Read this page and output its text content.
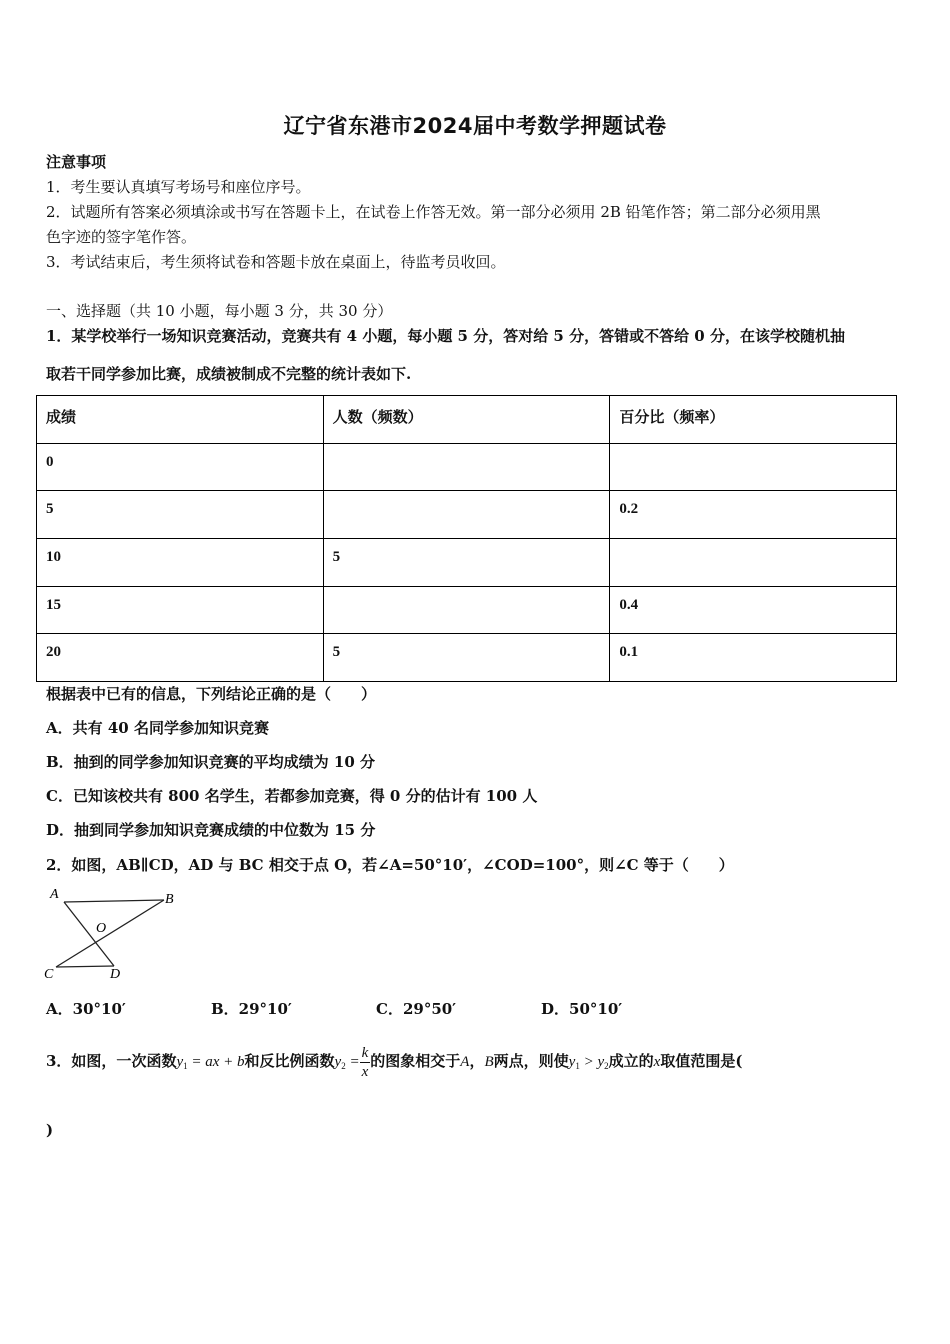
辽宁省东港市2024届中考数学押题试卷
注意事项
1．考生要认真填写考场号和座位序号。
2．试题所有答案必须填涂或书写在答题卡上，在试卷上作答无效。第一部分必须用 2B 铅笔作答；第二部分必须用黑
色字迹的签字笔作答。
3．考试结束后，考生须将试卷和答题卡放在桌面上，待监考员收回。
一、选择题（共 10 小题，每小题 3 分，共 30 分）
1．某学校举行一场知识竞赛活动，竞赛共有 4 小题，每小题 5 分，答对给 5 分，答错或不答给 0 分，在该学校随机抽
取若干同学参加比赛，成绩被制成不完整的统计表如下.
成绩	人数（频数）	百分比（频率）
0		
5		0.2
10	5	
15		0.4
20	5	0.1
根据表中已有的信息，下列结论正确的是（　　）
A．共有 40 名同学参加知识竞赛
B．抽到的同学参加知识竞赛的平均成绩为 10 分
C．已知该校共有 800 名学生，若都参加竞赛，得 0 分的估计有 100 人
D．抽到同学参加知识竞赛成绩的中位数为 15 分
2．如图，AB∥CD，AD 与 BC 相交于点 O，若∠A=50°10′，∠COD=100°，则∠C 等于（　　）
A	B
O
C	D
A．30°10′	B．29°10′	C．29°50′	D．50°10′
3．如图，一次函数$y_1$ = ax + b和反比例函数$y_2 = \frac{k}{x}$ 的图象相交于A，B两点，则使$y_1 > y_2$成立的x取值范围是(
)
